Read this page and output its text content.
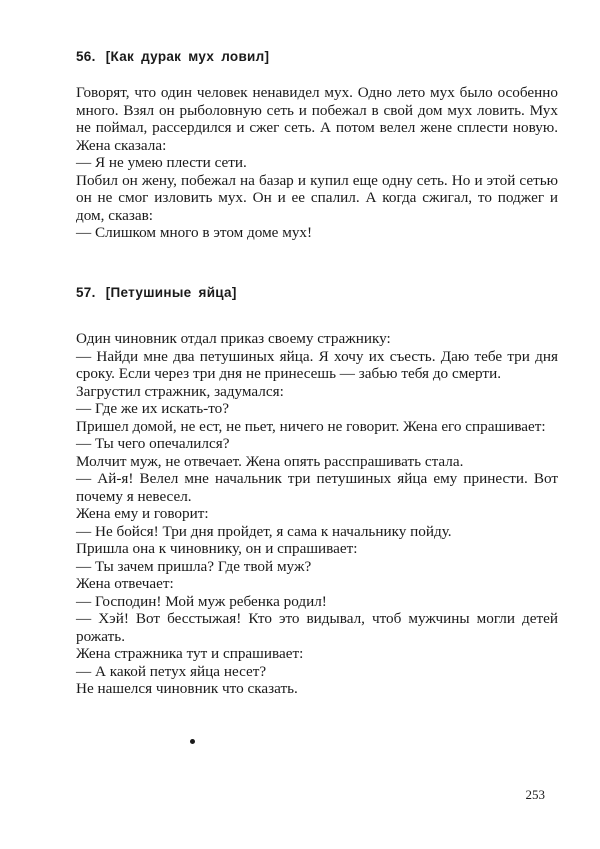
56. [Как дурак мух ловил]

Говорят, что один человек ненавидел мух. Одно лето мух было особенно много. Взял он рыболовную сеть и побежал в свой дом мух ловить. Мух не поймал, рассердился и сжег сеть. А потом велел жене сплести новую. Жена сказала:

— Я не умею плести сети.

Побил он жену, побежал на базар и купил еще одну сеть. Но и этой сетью он не смог изловить мух. Он и ее спалил. А когда сжигал, то поджег и дом, сказав:

— Слишком много в этом доме мух!

57. [Петушиные яйца]

Один чиновник отдал приказ своему стражнику:

— Найди мне два петушиных яйца. Я хочу их съесть. Даю тебе три дня сроку. Если через три дня не принесешь — забью тебя до смерти.

Загрустил стражник, задумался:

— Где же их искать-то?

Пришел домой, не ест, не пьет, ничего не говорит. Жена его спрашивает:

— Ты чего опечалился?

Молчит муж, не отвечает. Жена опять расспрашивать стала.

— Ай-я! Велел мне начальник три петушиных яйца ему принести. Вот почему я невесел.

Жена ему и говорит:

— Не бойся! Три дня пройдет, я сама к начальнику пойду.

Пришла она к чиновнику, он и спрашивает:

— Ты зачем пришла? Где твой муж?

Жена отвечает:

— Господин! Мой муж ребенка родил!

— Хэй! Вот бесстыжая! Кто это видывал, чтоб мужчины могли детей рожать.

Жена стражника тут и спрашивает:

— А какой петух яйца несет?

Не нашелся чиновник что сказать.

253
